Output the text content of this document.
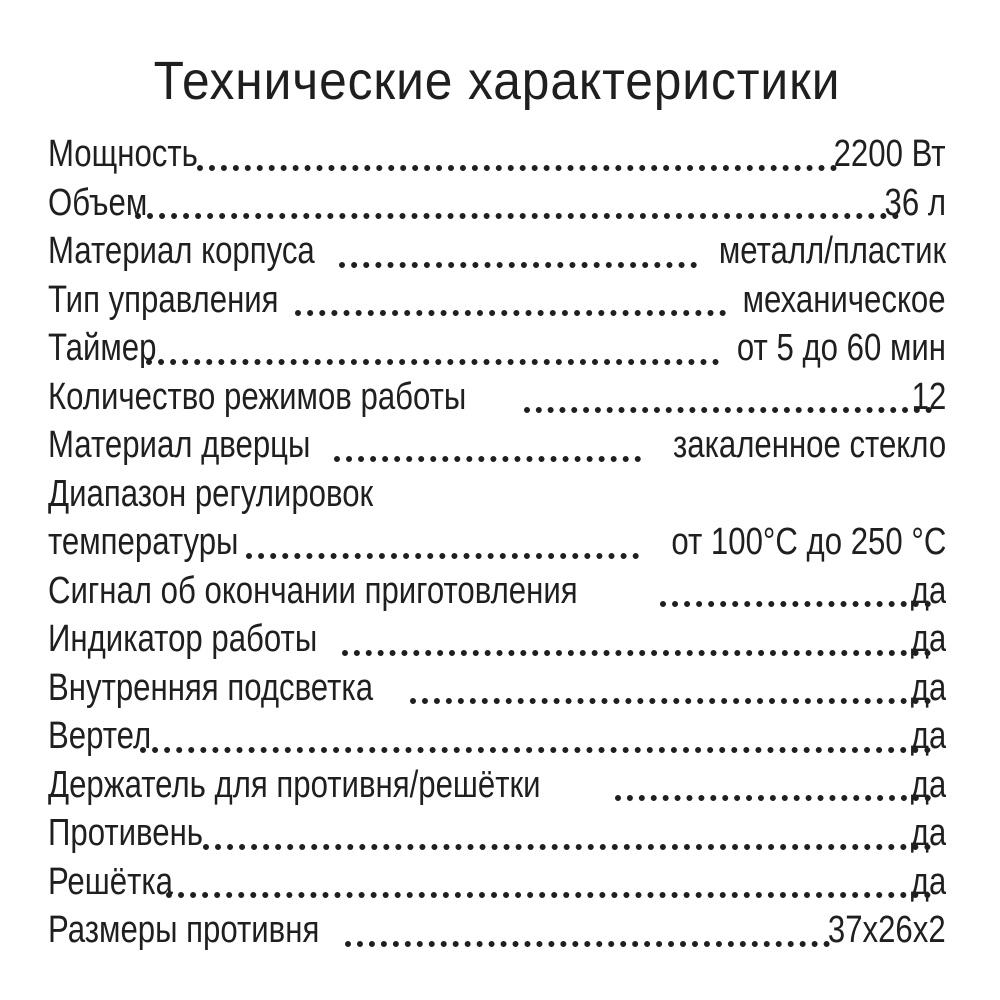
Технические характеристики
Мощность	2200 Вт
Объем	36 л
Материал корпуса	металл/пластик
Тип управления	механическое
Таймер	от 5 до 60 мин
Количество режимов работы	12
Материал дверцы	закаленное стекло
Диапазон регулировок
температуры	от 100°С до 250 °С
Сигнал об окончании приготовления	да
Индикатор работы	да
Внутренняя подсветка	да
Вертел	да
Держатель для противня/решётки	да
Противень	да
Решётка	да
Размеры противня	37x26x2
